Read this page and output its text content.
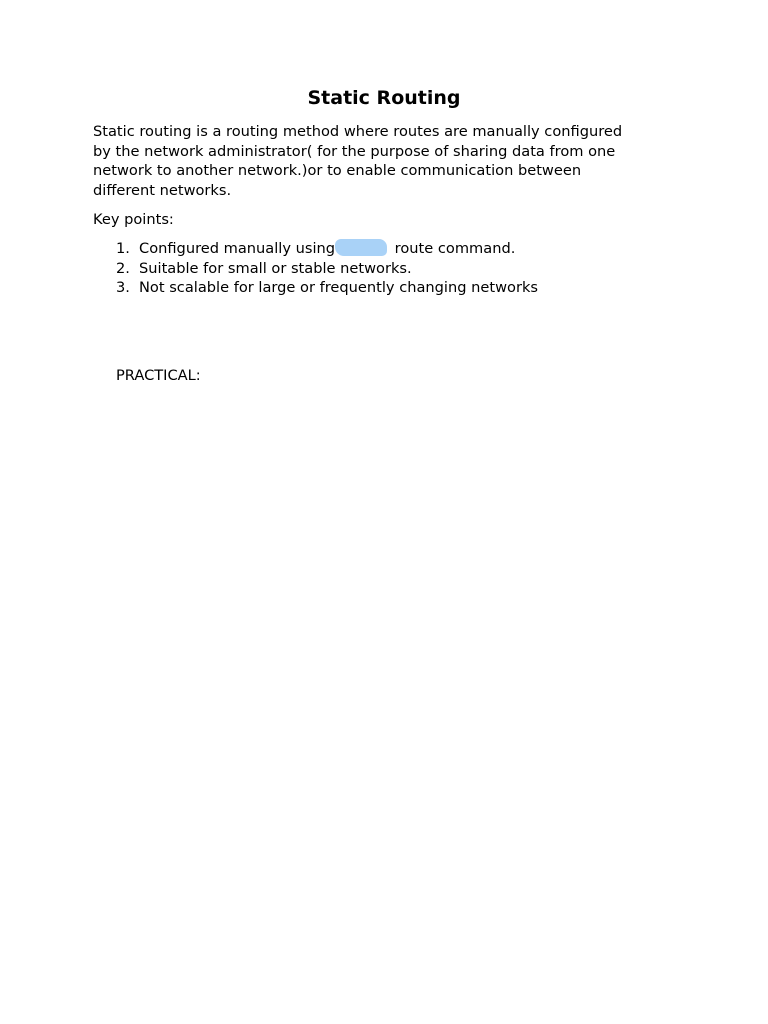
Static Routing
Static routing is a routing method where routes are manually configured
by the network administrator( for the purpose of sharing data from one
network to another network.)or to enable communication between
different networks.
Key points:
1. Configured manually using	route command.
2. Suitable for small or stable networks.
3. Not scalable for large or frequently changing networks
PRACTICAL:
